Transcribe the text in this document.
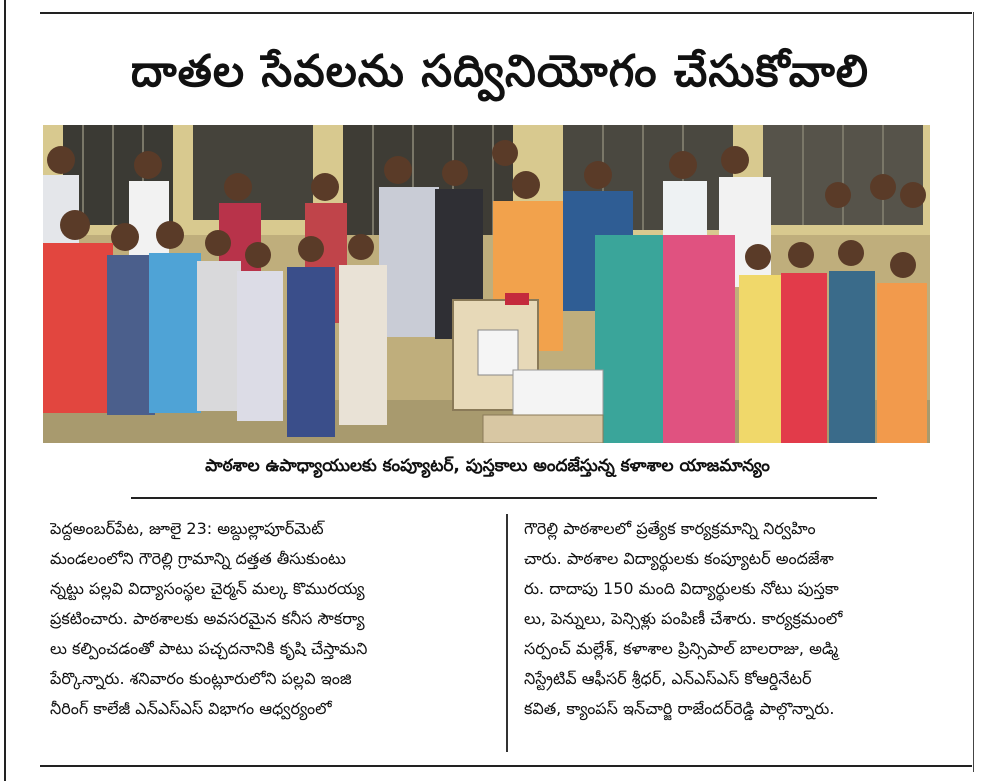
దాతల సేవలను సద్వినియోగం చేసుకోవాలి
పాఠశాల ఉపాధ్యాయులకు కంప్యూటర్, పుస్తకాలు అందజేస్తున్న కళాశాల యాజమాన్యం
పెద్దఅంబర్‌పేట, జూలై 23: అబ్దుల్లాపూర్‌మెట్
మండలంలోని గౌరెల్లి గ్రామాన్ని దత్తత తీసుకుంటు
న్నట్టు పల్లవి విద్యాసంస్థల చైర్మన్ మల్క కొమురయ్య
ప్రకటించారు. పాఠశాలకు అవసరమైన కనీస సౌకర్యా
లు కల్పించడంతో పాటు పచ్చదనానికి కృషి చేస్తామని
పేర్కొన్నారు. శనివారం కుంట్లూరులోని పల్లవి ఇంజి
నీరింగ్ కాలేజీ ఎన్ఎస్ఎస్ విభాగం ఆధ్వర్యంలో
గౌరెల్లి పాఠశాలలో ప్రత్యేక కార్యక్రమాన్ని నిర్వహిం
చారు. పాఠశాల విద్యార్థులకు కంప్యూటర్ అందజేశా
రు. దాదాపు 150 మంది విద్యార్థులకు నోటు పుస్తకా
లు, పెన్నులు, పెన్సిళ్లు పంపిణీ చేశారు. కార్యక్రమంలో
సర్పంచ్ మల్లేశ్, కళాశాల ప్రిన్సిపాల్ బాలరాజు, అడ్మి
నిస్ట్రేటివ్ ఆఫీసర్ శ్రీధర్, ఎన్ఎస్ఎస్ కోఆర్డినేటర్
కవిత, క్యాంపస్ ఇన్‌చార్జి రాజేందర్‌రెడ్డి పాల్గొన్నారు.
